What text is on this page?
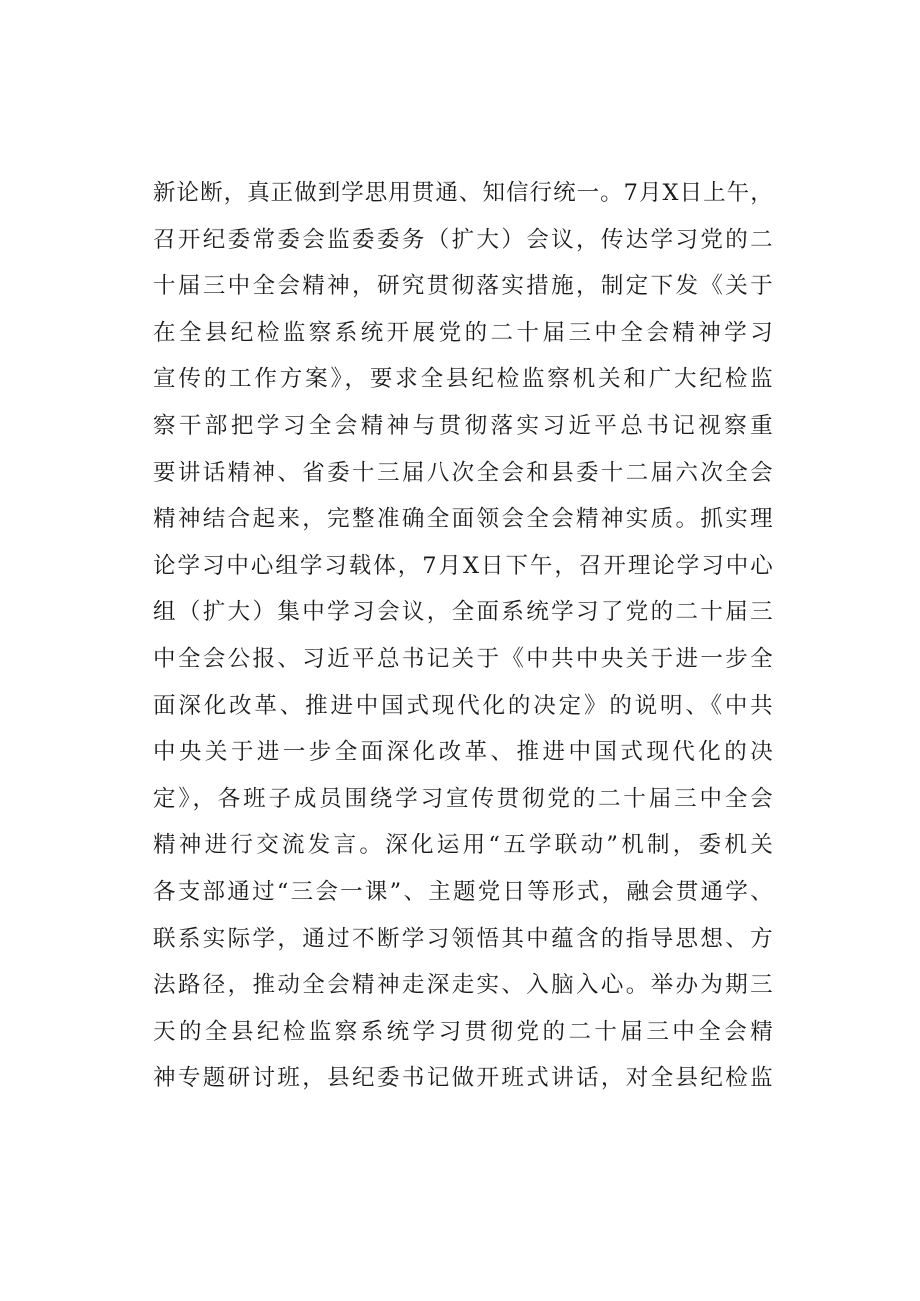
新论断，真正做到学思用贯通、知信行统一。7月X日上午，
召开纪委常委会监委委务（扩大）会议，传达学习党的二
十届三中全会精神，研究贯彻落实措施，制定下发《关于
在全县纪检监察系统开展党的二十届三中全会精神学习
宣传的工作方案》，要求全县纪检监察机关和广大纪检监
察干部把学习全会精神与贯彻落实习近平总书记视察重
要讲话精神、省委十三届八次全会和县委十二届六次全会
精神结合起来，完整准确全面领会全会精神实质。抓实理
论学习中心组学习载体，7月X日下午，召开理论学习中心
组（扩大）集中学习会议，全面系统学习了党的二十届三
中全会公报、习近平总书记关于《中共中央关于进一步全
面深化改革、推进中国式现代化的决定》的说明、《中共
中央关于进一步全面深化改革、推进中国式现代化的决
定》，各班子成员围绕学习宣传贯彻党的二十届三中全会
精神进行交流发言。深化运用“五学联动”机制，委机关
各支部通过“三会一课”、主题党日等形式，融会贯通学、
联系实际学，通过不断学习领悟其中蕴含的指导思想、方
法路径，推动全会精神走深走实、入脑入心。举办为期三
天的全县纪检监察系统学习贯彻党的二十届三中全会精
神专题研讨班，县纪委书记做开班式讲话，对全县纪检监
